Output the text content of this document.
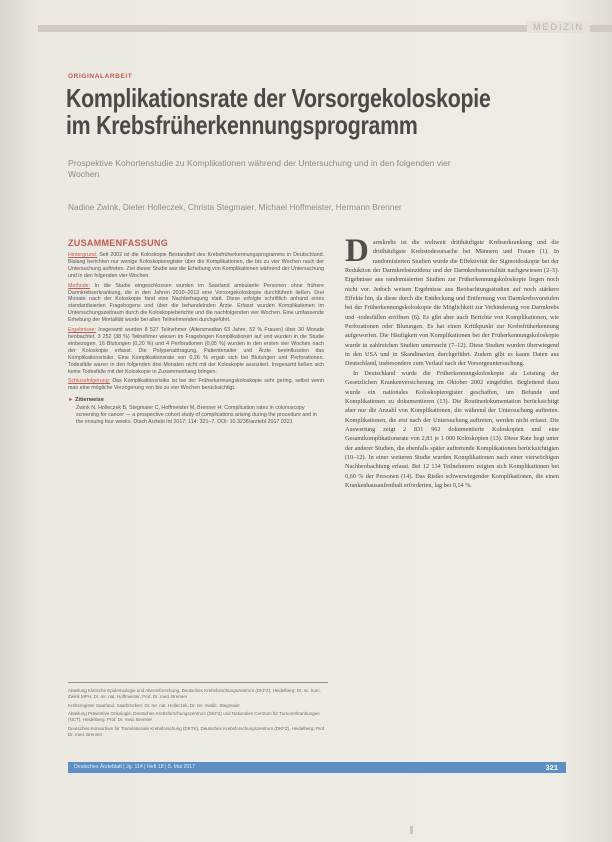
MEDIZIN
ORIGINALARBEIT
Komplikationsrate der Vorsorgekoloskopie im Krebsfrüherkennungsprogramm
Prospektive Kohortenstudie zu Komplikationen während der Untersuchung und in den folgenden vier Wochen
Nadine Zwink, Dieter Holleczek, Christa Stegmaier, Michael Hoffmeister, Hermann Brenner
ZUSAMMENFASSUNG

Hintergrund: Seit 2002 ist die Koloskopie Bestandteil des Krebsfrüherkennungsprogramms in Deutschland. Bislang berichten nur wenige Koloskopieregister über die Komplikationen, die bis zu vier Wochen nach der Untersuchung auftreten. Ziel dieser Studie war die Erhebung von Komplikationen während der Untersuchung und in den folgenden vier Wochen.

Methode: In die Studie eingeschlossen wurden im Saarland ambulante Personen ohne frühere Darmkrebserkrankung, die in den Jahren 2010–2013 eine Vorsorgekoloskopie durchführen ließen. Drei Monate nach der Koloskopie fand eine Nachbefragung statt. Diese erfolgte schriftlich anhand eines standardisierten Fragebogens und über die behandelnden Ärzte. Erfasst wurden Komplikationen im Untersuchungszeitraum durch die Koloskopieberichte und die nachfolgenden vier Wochen. Eine umfassende Erhebung der Mortalität wurde bei allen Teilnehmenden durchgeführt.

Ergebnisse: Insgesamt wurden 8 527 Teilnehmer (Altersmedian 63 Jahre, 52 % Frauen) über 30 Monate beobachtet. 3 252 (38 %) Teilnehmer wiesen im Fragebogen Komplikationen auf und wurden in die Studie einbezogen. 16 Blutungen (0,20 %) und 4 Perforationen (0,05 %) wurden in den ersten vier Wochen nach der Koloskopie erfasst. Die Polypenabtragung, Patientenalter und Ärzte beeinflussten das Komplikationsrisiko. Eine Komplikationsrate von 0,26 % ergab sich bei Blutungen und Perforationen. Todesfälle waren in den folgenden drei Monaten nicht mit der Koloskopie assoziiert. Insgesamt ließen sich keine Todesfälle mit der Koloskopie in Zusammenhang bringen.

Schlussfolgerung: Das Komplikationsrisiko ist bei der Früherkennungskoloskopie sehr gering, selbst wenn man eine mögliche Verzögerung von bis zu vier Wochen berücksichtigt.

► Zitierweise
Zwink N, Holleczek B, Stegmaier C, Hoffmeister M, Brenner H: Complication rates in colonoscopy screening for cancer — a prospective cohort study of complications arising during the procedure and in the ensuing four weeks. Dtsch Arztebl Int 2017; 114: 321–7. DOI: 10.3238/arztebl.2017.0321

Abteilung Klinische Epidemiologie und Alternsforschung, Deutsches Krebsforschungszentrum (DKFZ), Heidelberg: Dr. sc. hum. Zwink MPH, Dr. rer. nat. Hoffmeister, Prof. Dr. med. Brenner

Krebsregister Saarland, Saarbrücken: Dr. rer. nat. Holleczek, Dr. rer. medic. Stegmaier

Abteilung Präventive Onkologie, Deutsches Krebsforschungszentrum (DKFZ) und Nationales Centrum für Tumorerkrankungen (NCT), Heidelberg: Prof. Dr. med. Brenner

Deutsches Konsortium für Translationale Krebsforschung (DKTK), Deutsches Krebsforschungszentrum (DKFZ), Heidelberg: Prof. Dr. med. Brenner

D armkrebs ist die weltweit dritthäufigste Krebserkrankung und die dritthäufigste Krebstodesursache bei Männern und Frauen (1). In randomisierten Studien wurde die Effektivität der Sigmoidoskopie bei der Reduktion der Darmkrebsinzidenz und der Darmkrebsmortalität nachgewiesen (2–5). Ergebnisse aus randomisierten Studien zur Früherkennungskoloskopie liegen noch nicht vor. Jedoch weisen Ergebnisse aus Beobachtungsstudien auf noch stärkere Effekte hin, da diese durch die Entdeckung und Entfernung von Darmkrebsvorstufen bei der Früherkennungskoloskopie die Möglichkeit zur Verhinderung von Darmkrebs und -todesfällen eröffnen (6). Es gibt aber auch Berichte von Komplikationen, wie Perforationen oder Blutungen. Es hat einen Kritikpunkt zur Krebsfrüherkennung aufgeworfen. Die Häufigkeit von Komplikationen bei der Früherkennungskoloskopie wurde in zahlreichen Studien untersucht (7–12). Diese Studien wurden überwiegend in den USA und in Skandinavien durchgeführt. Zudem gibt es kaum Daten aus Deutschland, insbesondere zum Verlauf nach der Vorsorgeuntersuchung.

In Deutschland wurde die Früherkennungskoloskopie als Leistung der Gesetzlichen Krankenversicherung im Oktober 2002 eingeführt. Begleitend dazu wurde ein nationales Koloskopieregister geschaffen, um Befunde und Komplikationen zu dokumentieren (13). Die Routinedokumentation berücksichtigt aber nur die Anzahl von Komplikationen, die während der Untersuchung auftreten. Komplikationen, die erst nach der Untersuchung auftreten, werden nicht erfasst. Die Auswertung zeigt 2 831 962 dokumentierte Koloskopien und eine Gesamtkomplikationsrate von 2,83 je 1 000 Koloskopien (13). Diese Rate liegt unter der anderer Studien, die ebenfalls später auftretende Komplikationen berücksichtigten (10–12). In einer weiteren Studie wurden Komplikationen nach einer vierwöchigen Nachbeobachtung erfasst. Bei 12 134 Teilnehmern zeigten sich Komplikationen bei 0,60 % der Personen (14). Das Risiko schwerwiegender Komplikationen, die einen Krankenhausaufenthalt erforderten, lag bei 0,14 %.

Deutsches Ärzteblatt | Jg. 114 | Heft 18 | 5. Mai 2017	321
